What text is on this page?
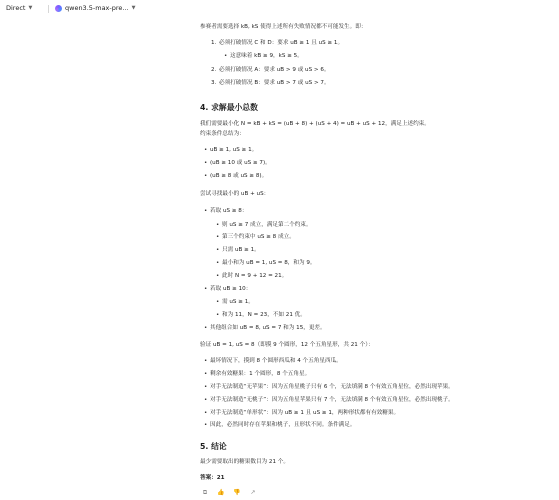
Direct ▼	qwen3.5-max-pre... ▼
参赛者需要选择 kB, kS 使得上述所有失败情况都不可能发生。即：
1. 必须打破情况 C 和 D：要求 uB ≥ 1 且 uS ≥ 1。
• 这意味着 kB ≥ 9，kS ≥ 5。
2. 必须打破情况 A：要求 uB > 9 或 uS > 6。
3. 必须打破情况 B：要求 uB > 7 或 uS > 7。
4. 求解最小总数
我们需要最小化 N = kB + kS = (uB + 8) + (uS + 4) = uB + uS + 12，满足上述约束。
约束条件总结为：
• uB ≥ 1, uS ≥ 1。
• (uB ≥ 10 或 uS ≥ 7)。
• (uB ≥ 8 或 uS ≥ 8)。
尝试寻找最小的 uB + uS：
• 若取 uS ≥ 8：
• 则 uS ≥ 7 成立，满足第二个约束。
• 第三个约束中 uS ≥ 8 成立。
• 只需 uB ≥ 1。
• 最小和为 uB = 1, uS = 8，和为 9。
• 此时 N = 9 + 12 = 21。
• 若取 uB ≥ 10：
• 需 uS ≥ 1。
• 和为 11，N = 23，不如 21 优。
• 其他组合如 uB = 8, uS = 7 和为 15，更差。
验证 uB = 1, uS = 8（即摸 9 个圆形，12 个五角星形，共 21 个）：
• 最坏情况下，摸到 8 个圆形西瓜和 4 个五角星西瓜。
• 剩余有效糖果：1 个圆形，8 个五角星。
• 对手无法制造“无苹果”：因为五角星桃子只有 6 个，无法填满 8 个有效五角星位，必然出现苹果。
• 对手无法制造“无桃子”：因为五角星苹果只有 7 个，无法填满 8 个有效五角星位，必然出现桃子。
• 对手无法制造“单形状”：因为 uB ≥ 1 且 uS ≥ 1，两种形状都有有效糖果。
• 因此，必然同时存在苹果和桃子，且形状不同。条件满足。
5. 结论
最少需要取出的糖果数目为 21 个。
答案：21
⧉	👍 👎 ↗
